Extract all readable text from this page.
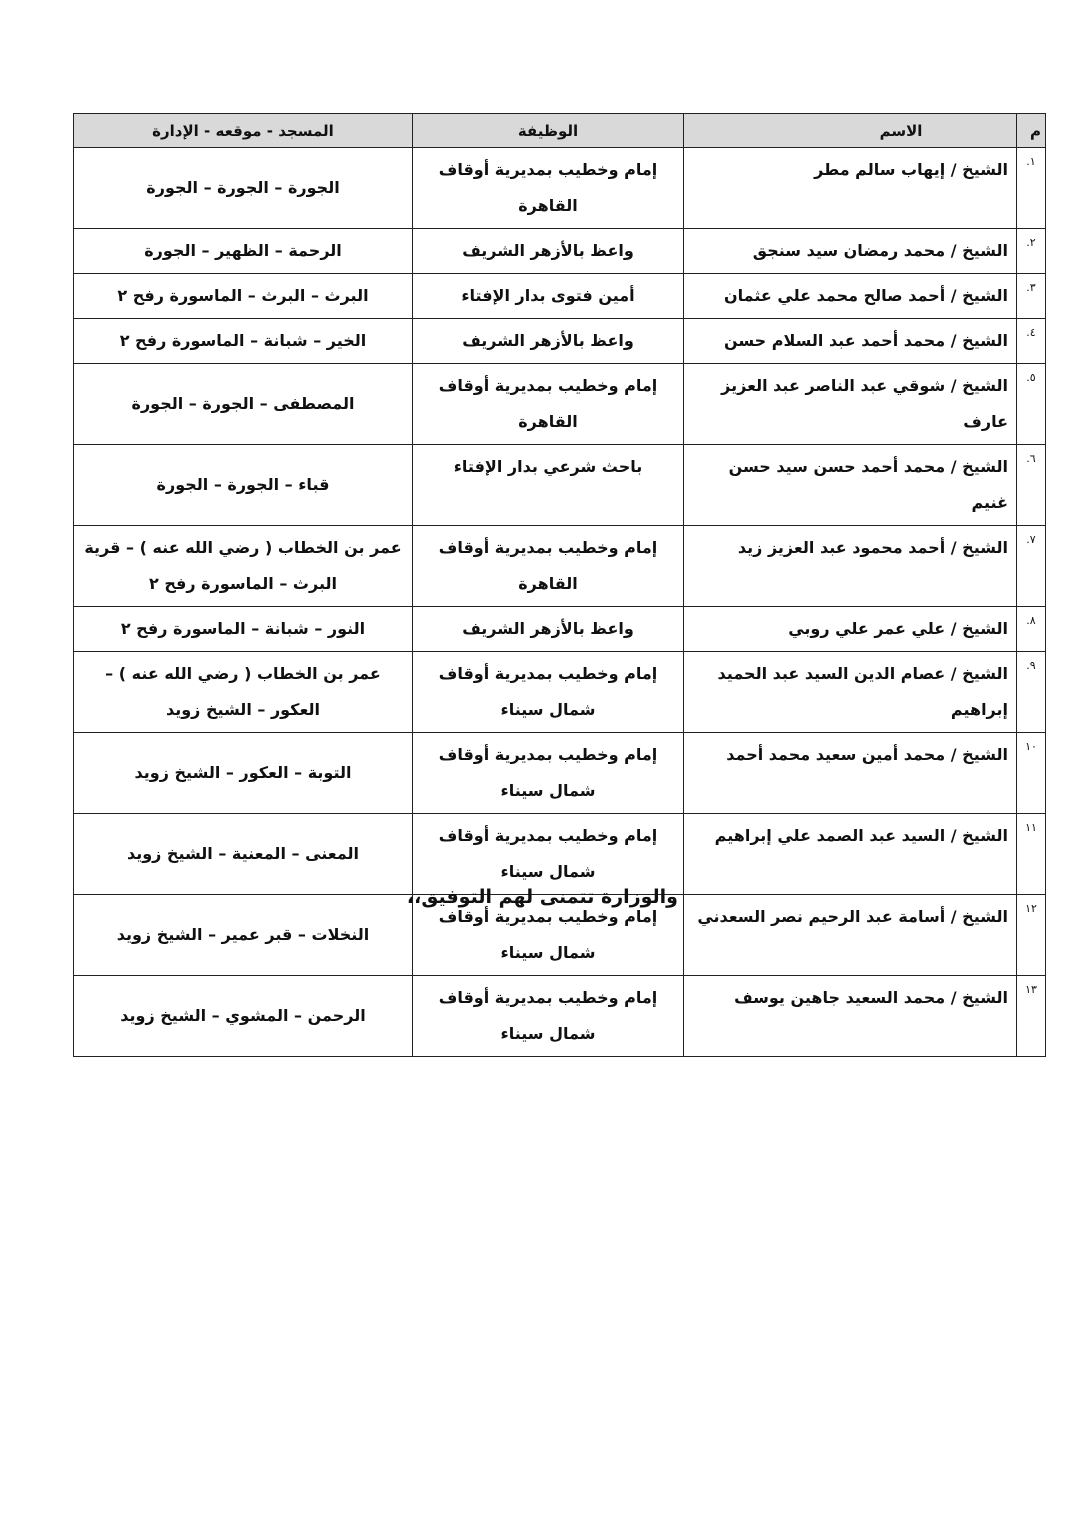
م	الاسم	الوظيفة	المسجد - موقعه - الإدارة
١.	الشيخ / إيهاب سالم مطر	إمام وخطيب بمديرية أوقاف القاهرة	الجورة – الجورة – الجورة
٢.	الشيخ / محمد رمضان سيد سنجق	واعظ بالأزهر الشريف	الرحمة – الظهير – الجورة
٣.	الشيخ / أحمد صالح محمد علي عثمان	أمين فتوى بدار الإفتاء	البرث – البرث – الماسورة رفح ٢
٤.	الشيخ / محمد أحمد عبد السلام حسن	واعظ بالأزهر الشريف	الخير – شبانة – الماسورة رفح ٢
٥.	الشيخ / شوقي عبد الناصر عبد العزيز عارف	إمام وخطيب بمديرية أوقاف القاهرة	المصطفى – الجورة – الجورة
٦.	الشيخ / محمد أحمد حسن سيد حسن غنيم	باحث شرعي بدار الإفتاء	قباء – الجورة – الجورة
٧.	الشيخ / أحمد محمود عبد العزيز زيد	إمام وخطيب بمديرية أوقاف القاهرة	عمر بن الخطاب ( رضي الله عنه ) – قرية البرث – الماسورة رفح ٢
٨.	الشيخ / علي عمر علي روبي	واعظ بالأزهر الشريف	النور – شبانة – الماسورة رفح ٢
٩.	الشيخ / عصام الدين السيد عبد الحميد إبراهيم	إمام وخطيب بمديرية أوقاف شمال سيناء	عمر بن الخطاب ( رضي الله عنه ) – العكور – الشيخ زويد
١٠	الشيخ / محمد أمين سعيد محمد أحمد	إمام وخطيب بمديرية أوقاف شمال سيناء	التوبة – العكور – الشيخ زويد
١١	الشيخ / السيد عبد الصمد علي إبراهيم	إمام وخطيب بمديرية أوقاف شمال سيناء	المعنى – المعنية – الشيخ زويد
١٢	الشيخ / أسامة عبد الرحيم نصر السعدني	إمام وخطيب بمديرية أوقاف شمال سيناء	النخلات – قبر عمير – الشيخ زويد
١٣	الشيخ / محمد السعيد جاهين يوسف	إمام وخطيب بمديرية أوقاف شمال سيناء	الرحمن – المشوي – الشيخ زويد
والوزارة تتمنى لهم التوفيق،،
